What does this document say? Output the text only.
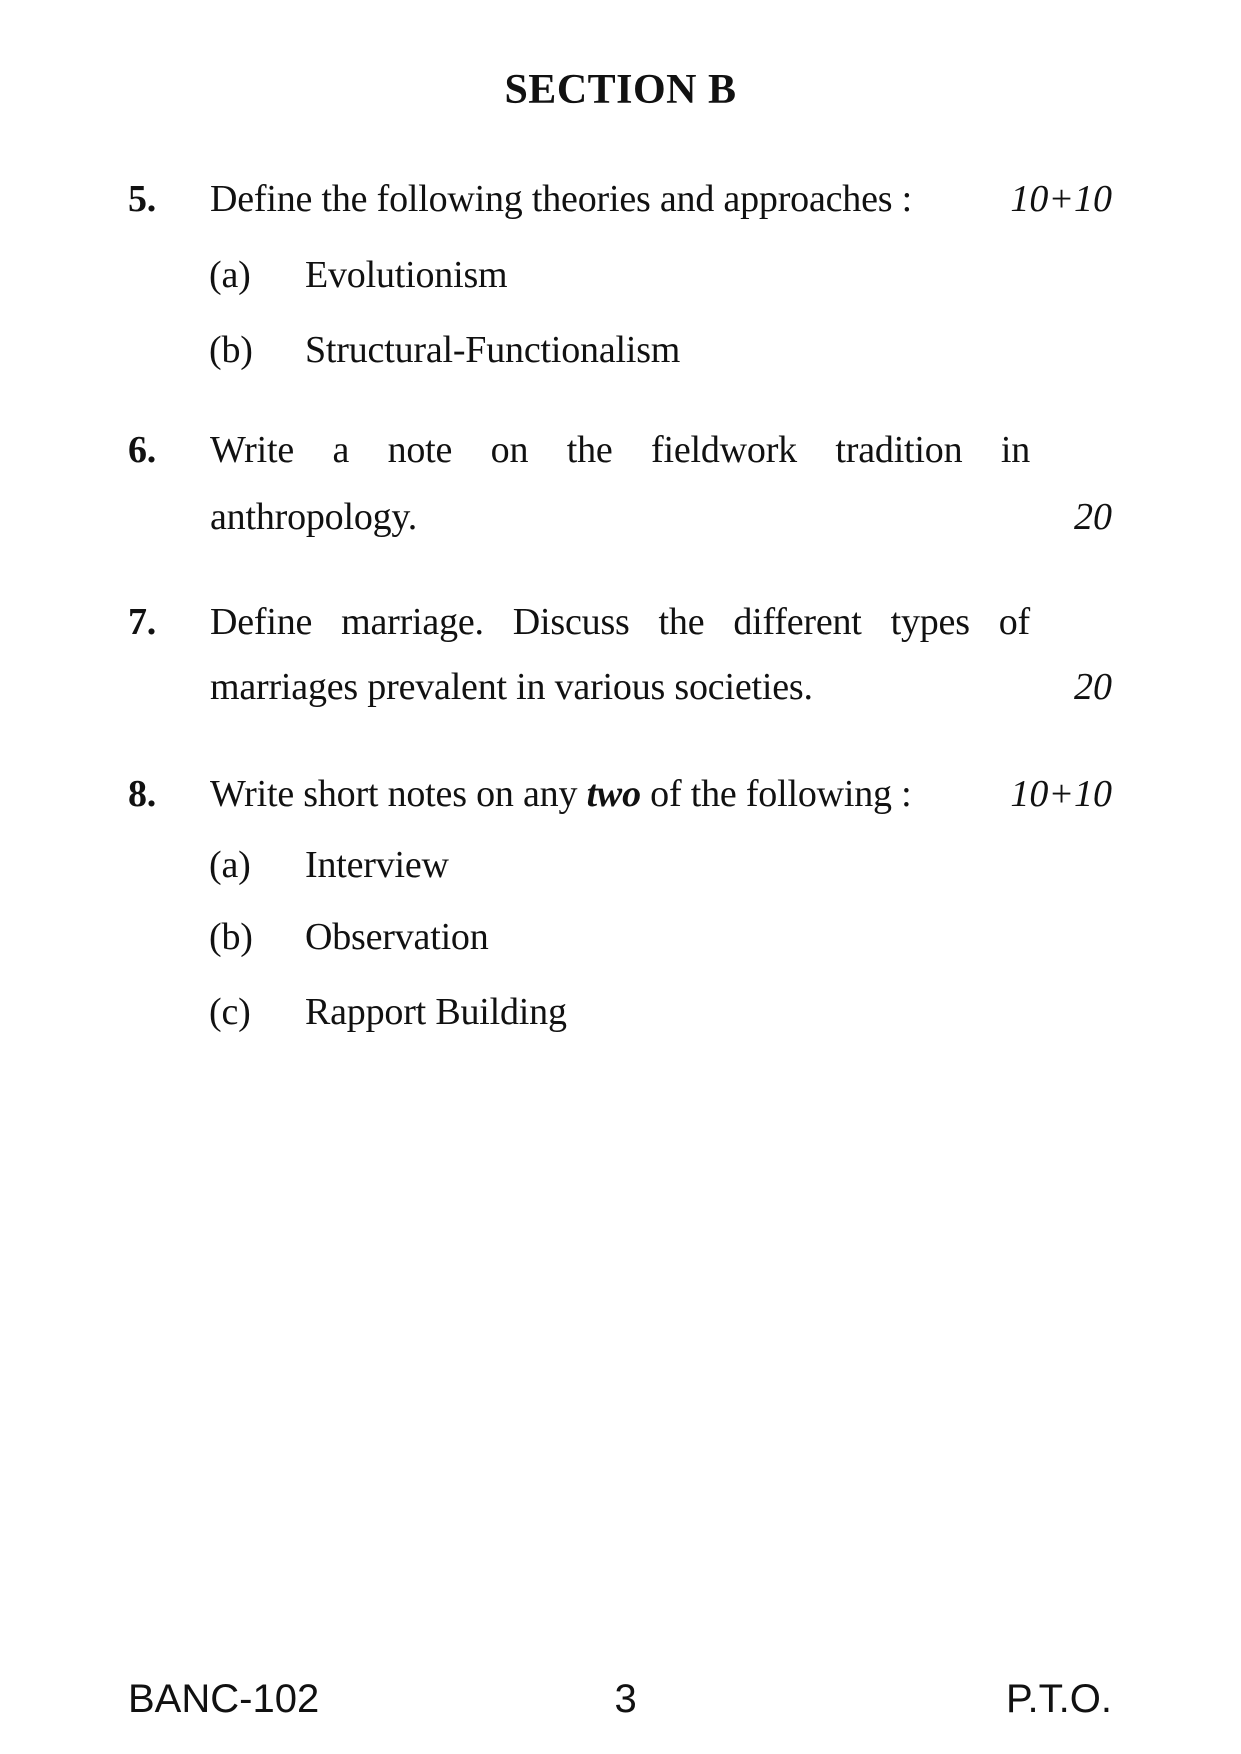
SECTION B
5. Define the following theories and approaches :	10+10
(a) Evolutionism
(b) Structural-Functionalism
6. Write a note on the fieldwork tradition in
anthropology.	20
7. Define marriage. Discuss the different types of
marriages prevalent in various societies.	20
8. Write short notes on any two of the following :	10+10
(a) Interview
(b) Observation
(c) Rapport Building
BANC-102	3	P.T.O.
